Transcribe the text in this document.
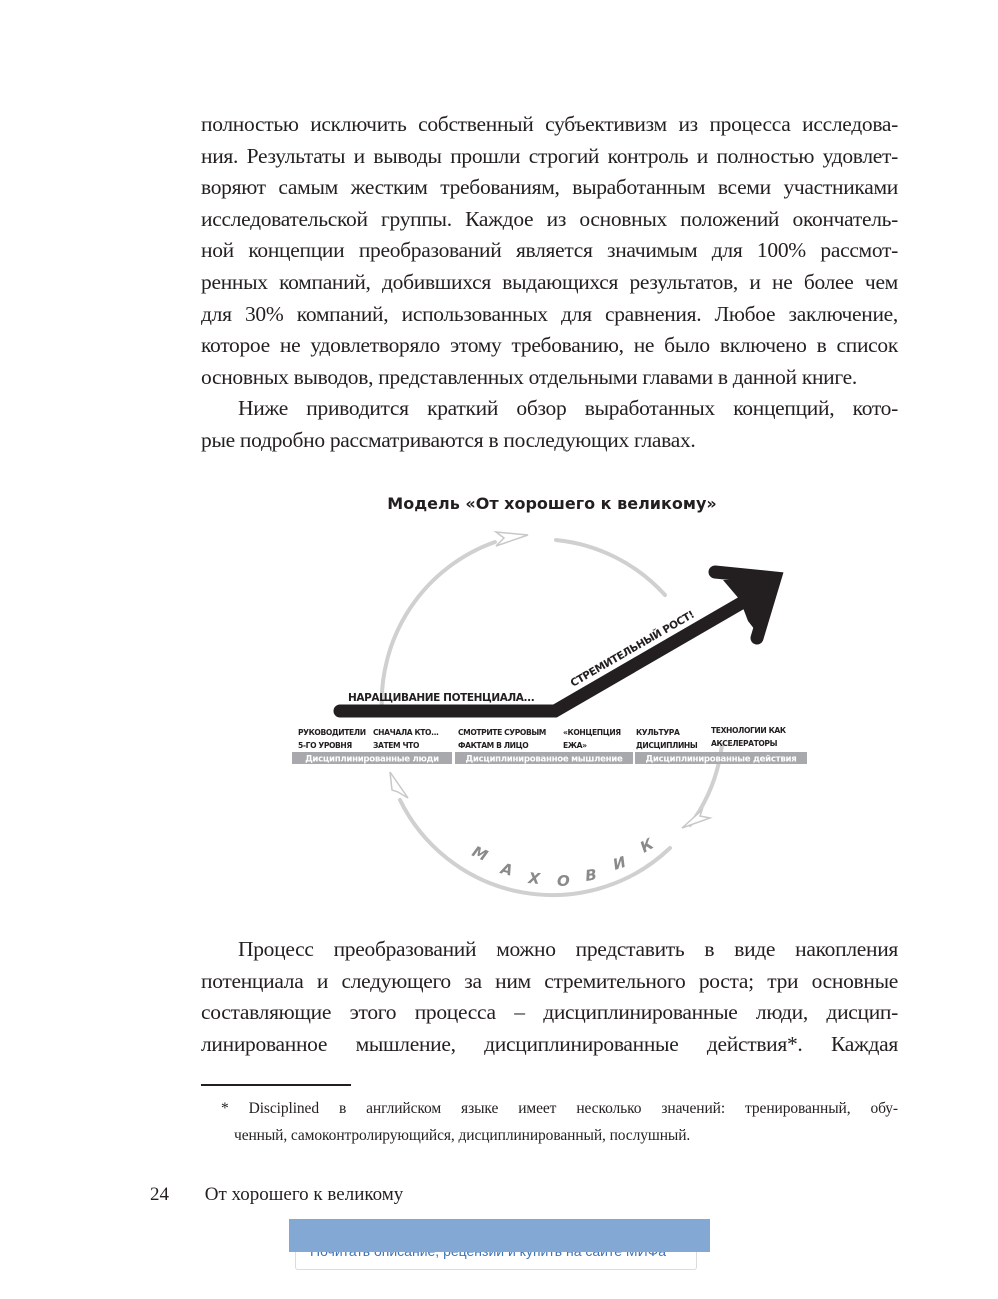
полностью исключить собственный субъективизм из процесса исследова-
ния. Результаты и выводы прошли строгий контроль и полностью удовлет-
воряют самым жестким требованиям, выработанным всеми участниками
исследовательской группы. Каждое из основных положений окончатель-
ной концепции преобразований является значимым для 100% рассмот-
ренных компаний, добившихся выдающихся результатов, и не более чем
для 30% компаний, использованных для сравнения. Любое заключение,
которое не удовлетворяло этому требованию, не было включено в список
основных выводов, представленных отдельными главами в данной книге.
Ниже приводится краткий обзор выработанных концепций, кото-
рые подробно рассматриваются в последующих главах.
Модель «От хорошего к великому»
М
А Х О В
И
К
НАРАЩИВАНИЕ ПОТЕНЦИАЛА...
СТРЕМИТЕЛЬНЫЙ РОСТ!
РУКОВОДИТЕЛИ
5-ГО УРОВНЯ
СНАЧАЛА КТО...
ЗАТЕМ ЧТО
СМОТРИТЕ СУРОВЫМ
ФАКТАМ В ЛИЦО
«КОНЦЕПЦИЯ
ЕЖА»
КУЛЬТУРА
ДИСЦИПЛИНЫ
ТЕХНОЛОГИИ КАК
АКСЕЛЕРАТОРЫ
Дисциплинированные люди	Дисциплинированное мышление	Дисциплинированные действия
Процесс преобразований можно представить в виде накопления
потенциала и следующего за ним стремительного роста; три основные
составляющие этого процесса – дисциплинированные люди, дисцип-
линированное мышление, дисциплинированные действия*. Каждая
* Disciplined в английском языке имеет несколько значений: тренированный, обу-
ченный, самоконтролирующийся, дисциплинированный, послушный.
24 От хорошего к великому
